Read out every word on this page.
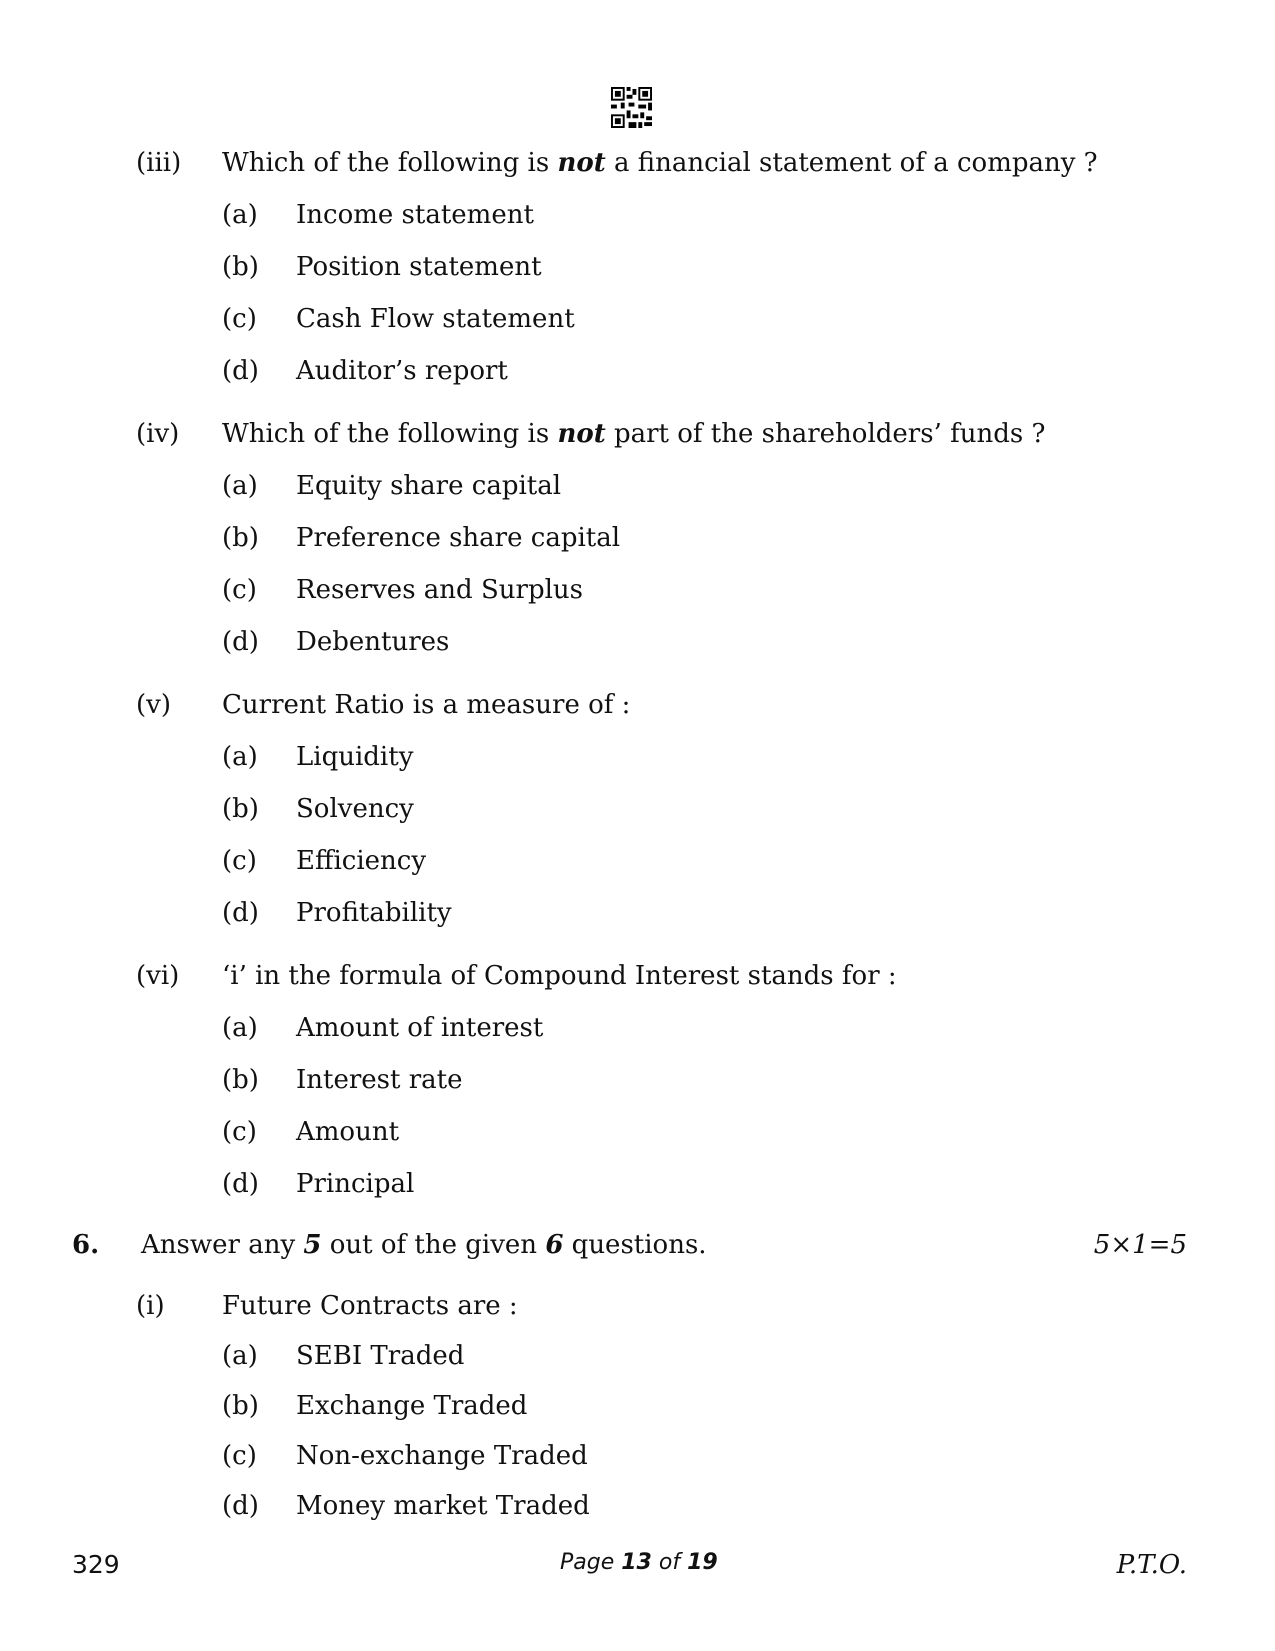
(iii) Which of the following is not a financial statement of a company ?
(a) Income statement
(b) Position statement
(c) Cash Flow statement
(d) Auditor’s report
(iv) Which of the following is not part of the shareholders’ funds ?
(a) Equity share capital
(b) Preference share capital
(c) Reserves and Surplus
(d) Debentures
(v) Current Ratio is a measure of :
(a) Liquidity
(b) Solvency
(c) Efficiency
(d) Profitability
(vi) ‘i’ in the formula of Compound Interest stands for :
(a) Amount of interest
(b) Interest rate
(c) Amount
(d) Principal
6. Answer any 5 out of the given 6 questions.	5×1=5
(i) Future Contracts are :
(a) SEBI Traded
(b) Exchange Traded
(c) Non-exchange Traded
(d) Money market Traded
329	Page 13 of 19	P.T.O.
